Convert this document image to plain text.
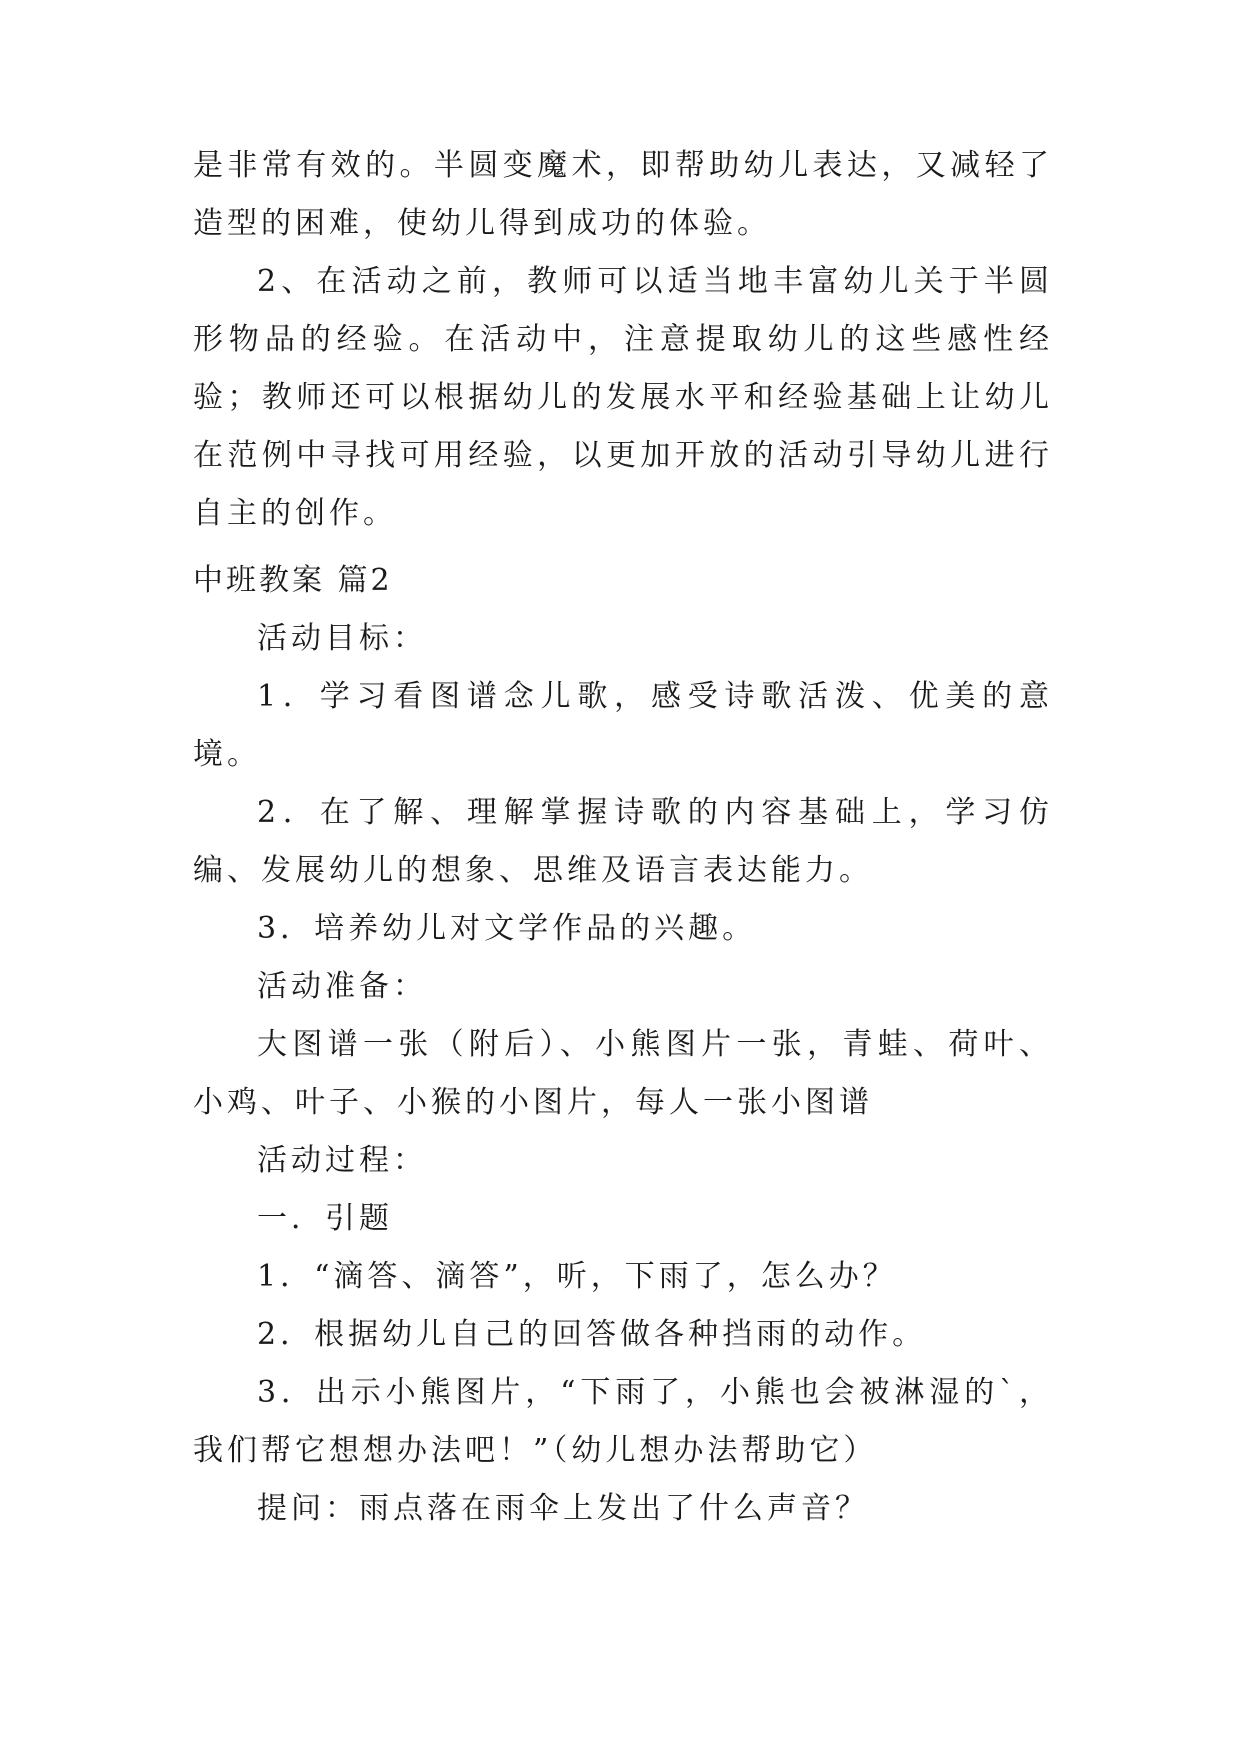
是非常有效的。半圆变魔术，即帮助幼儿表达，又减轻了造型的困难，使幼儿得到成功的体验。

2、在活动之前，教师可以适当地丰富幼儿关于半圆形物品的经验。在活动中，注意提取幼儿的这些感性经验；教师还可以根据幼儿的发展水平和经验基础上让幼儿在范例中寻找可用经验，以更加开放的活动引导幼儿进行自主的创作。

中班教案 篇2

活动目标：

1．学习看图谱念儿歌，感受诗歌活泼、优美的意境。

2．在了解、理解掌握诗歌的内容基础上，学习仿编、发展幼儿的想象、思维及语言表达能力。

3．培养幼儿对文学作品的兴趣。

活动准备：

大图谱一张（附后）、小熊图片一张，青蛙、荷叶、小鸡、叶子、小猴的小图片，每人一张小图谱

活动过程：

一．引题

1．“滴答、滴答”，听，下雨了，怎么办？

2．根据幼儿自己的回答做各种挡雨的动作。

3．出示小熊图片，“下雨了，小熊也会被淋湿的`，我们帮它想想办法吧！”（幼儿想办法帮助它）

提问：雨点落在雨伞上发出了什么声音？
